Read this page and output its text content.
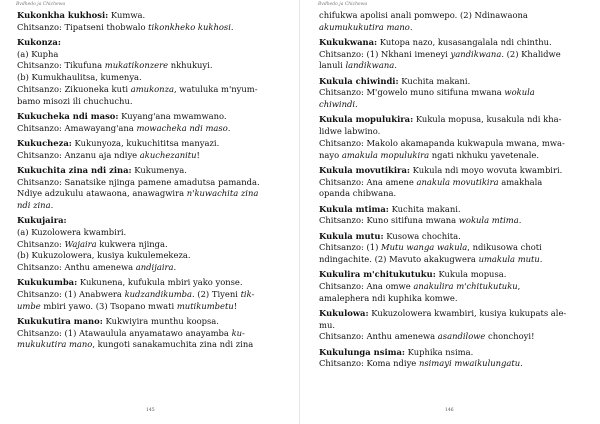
Kukonkha kukhosi: Kumwa.
Chitsanzo: Tipatseni thobwalo tikonkheko kukhosi.
Kukonza:
(a) Kupha
Chitsanzo: Tikufuna mukatikonzere nkhukuyi.
(b) Kumukhaulitsa, kumenya.
Chitsanzo: Zikuoneka kuti amukonza, watuluka m'nyum-
bamo misozi ili chuchuchu.
Kukucheka ndi maso: Kuyang'ana mwamwano.
Chitsanzo: Amawayang'ana mowacheka ndi maso.
Kukucheza: Kukunyoza, kukuchititsa manyazi.
Chitsanzo: Anzanu aja ndiye akuchezanitu!
Kukuchita zina ndi zina: Kukumenya.
Chitsanzo: Sanatsike njinga pamene amadutsa pamanda.
Ndiye adzukulu atawaona, anawagwira n'kuwachita zina
ndi zina.
Kukujaira:
(a) Kuzolowera kwambiri.
Chitsanzo: Wajaira kukwera njinga.
(b) Kukuzolowera, kusiya kukulemekeza.
Chitsanzo: Anthu amenewa andijaira.
Kukukumba: Kukunena, kufukula mbiri yako yonse.
Chitsanzo: (1) Anabwera kudzandikumba. (2) Tiyeni tik-
umbe mbiri yawo. (3) Tsopano mwati mutikumbetu!
Kukukutira mano: Kukwiyira munthu koopsa.
Chitsanzo: (1) Atawaulula anyamatawo anayamba ku-
mukukutira mano, kungoti sanakamuchita zina ndi zina
145
chifukwa apolisi anali pomwepo. (2) Ndinawaona
akumukukutira mano.
Kukukwana: Kutopa nazo, kusasangalala ndi chinthu.
Chitsanzo: (1) Nkhani imeneyi yandikwana. (2) Khalidwe
lanuli landikwana.
Kukula chiwindi: Kuchita makani.
Chitsanzo: M'gowelo muno sitifuna mwana wokula
chiwindi.
Kukula mopulukira: Kukula mopusa, kusakula ndi kha-
lidwe labwino.
Chitsanzo: Makolo akamapanda kukwapula mwana, mwa-
nayo amakula mopulukira ngati nkhuku yavetenale.
Kukula movutikira: Kukula ndi moyo wovuta kwambiri.
Chitsanzo: Ana amene anakula movutikira amakhala
opanda chibwana.
Kukula mtima: Kuchita makani.
Chitsanzo: Kuno sitifuna mwana wokula mtima.
Kukula mutu: Kusowa chochita.
Chitsanzo: (1) Mutu wanga wakula, ndikusowa choti
ndingachite. (2) Mavuto akakugwera umakula mutu.
Kukulira m'chitukutuku: Kukula mopusa.
Chitsanzo: Ana omwe anakulira m'chitukutuku,
amalephera ndi kuphika komwe.
Kukulowa: Kukuzolowera kwambiri, kusiya kukupats ale-
mu.
Chitsanzo: Anthu amenewa asandilowe chonchoyi!
Kukulunga nsima: Kuphika nsima.
Chitsanzo: Koma ndiye nsimayi mwaikulungatu.
146
Bvdhedo ja Chichewa	Bvdhedo ja Chichewa
